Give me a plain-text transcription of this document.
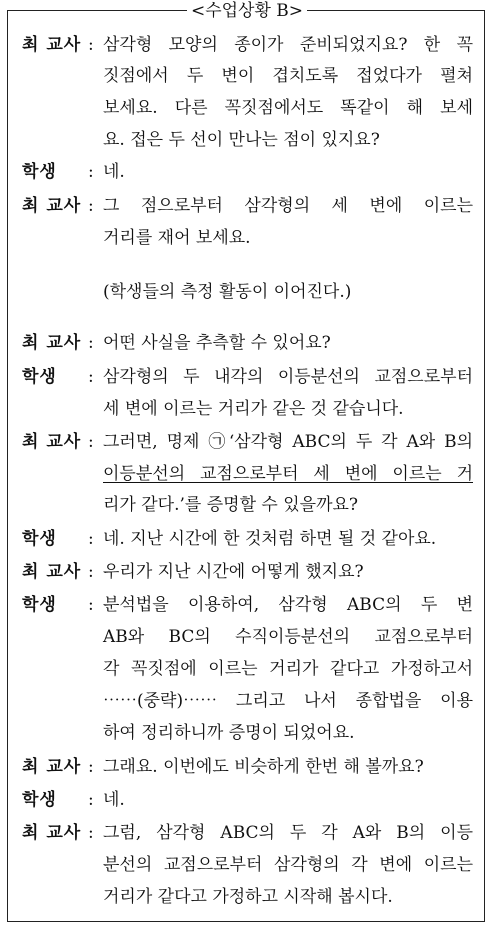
<수업상황 B>
최 교사 : 삼각형 모양의 종이가 준비되었지요? 한 꼭
짓점에서 두 변이 겹치도록 접었다가 펼쳐
보세요. 다른 꼭짓점에서도 똑같이 해 보세
요. 접은 두 선이 만나는 점이 있지요?
학생 : 네.
최 교사 : 그 점으로부터 삼각형의 세 변에 이르는
거리를 재어 보세요.
(학생들의 측정 활동이 이어진다.)
최 교사 : 어떤 사실을 추측할 수 있어요?
학생 : 삼각형의 두 내각의 이등분선의 교점으로부터
세 변에 이르는 거리가 같은 것 같습니다.
최 교사 : 그러면, 명제 ㉠‘삼각형 ABC의 두 각 A와 B의
이등분선의 교점으로부터 세 변에 이르는 거
리가 같다.’를 증명할 수 있을까요?
학생 : 네. 지난 시간에 한 것처럼 하면 될 것 같아요.
최 교사 : 우리가 지난 시간에 어떻게 했지요?
학생 : 분석법을 이용하여, 삼각형 ABC의 두 변
AB와 BC의 수직이등분선의 교점으로부터
각 꼭짓점에 이르는 거리가 같다고 가정하고서
⋯⋯(중략)⋯⋯ 그리고 나서 종합법을 이용
하여 정리하니까 증명이 되었어요.
최 교사 : 그래요. 이번에도 비슷하게 한번 해 볼까요?
학생 : 네.
최 교사 : 그럼, 삼각형 ABC의 두 각 A와 B의 이등
분선의 교점으로부터 삼각형의 각 변에 이르는
거리가 같다고 가정하고 시작해 봅시다.
